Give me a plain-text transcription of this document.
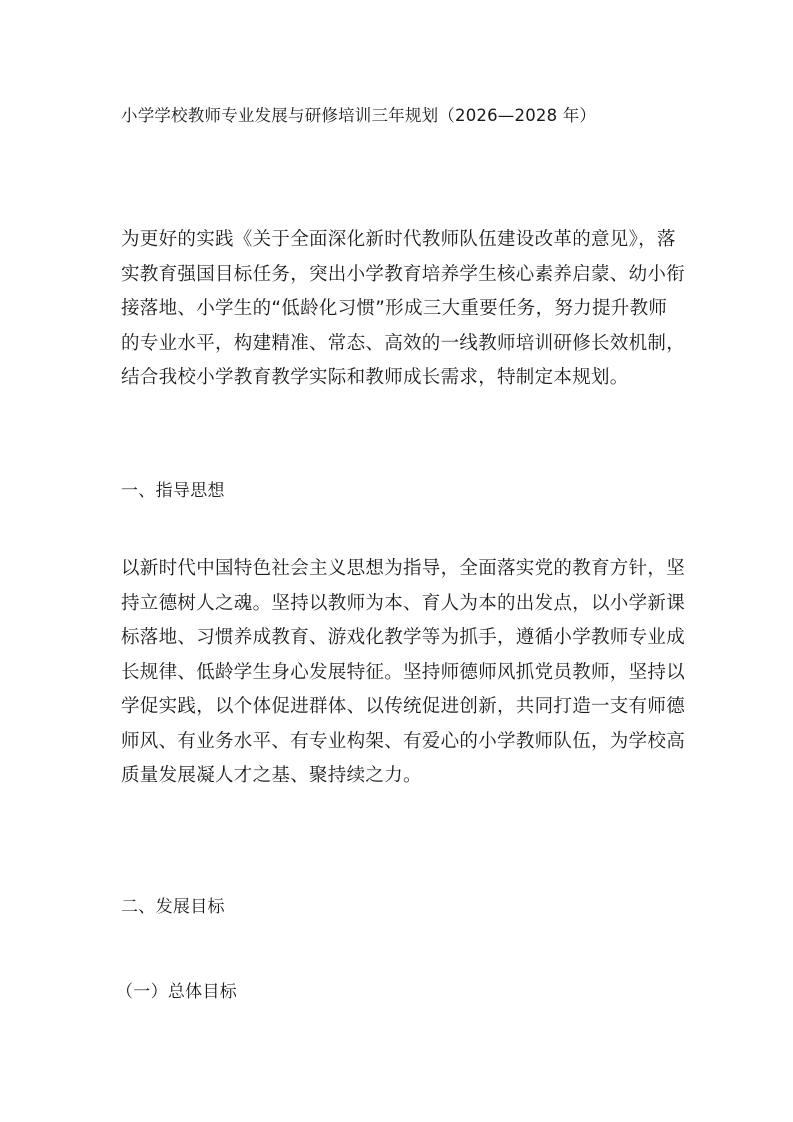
小学学校教师专业发展与研修培训三年规划（2026—2028 年）
为更好的实践《关于全面深化新时代教师队伍建设改革的意见》，落
实教育强国目标任务，突出小学教育培养学生核心素养启蒙、幼小衔
接落地、小学生的“低龄化习惯”形成三大重要任务，努力提升教师
的专业水平，构建精准、常态、高效的一线教师培训研修长效机制，
结合我校小学教育教学实际和教师成长需求，特制定本规划。
一、指导思想
以新时代中国特色社会主义思想为指导，全面落实党的教育方针，坚
持立德树人之魂。坚持以教师为本、育人为本的出发点，以小学新课
标落地、习惯养成教育、游戏化教学等为抓手，遵循小学教师专业成
长规律、低龄学生身心发展特征。坚持师德师风抓党员教师，坚持以
学促实践，以个体促进群体、以传统促进创新，共同打造一支有师德
师风、有业务水平、有专业构架、有爱心的小学教师队伍，为学校高
质量发展凝人才之基、聚持续之力。
二、发展目标
（一）总体目标
